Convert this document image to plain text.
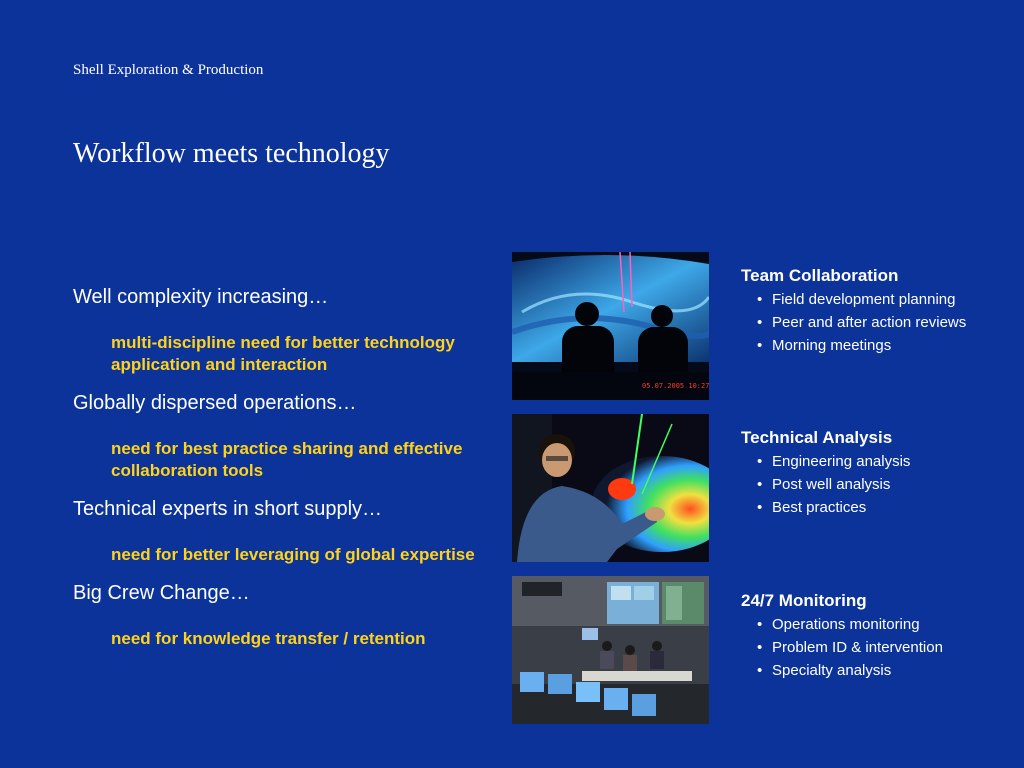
Shell Exploration & Production
Workflow meets technology
Well complexity increasing…
multi-discipline need for better technology application and interaction
Globally dispersed operations…
need for best practice sharing and effective collaboration tools
Technical experts in short supply…
need for better leveraging of global expertise
Big Crew Change…
need for knowledge transfer / retention
05.07.2005 10:27
Team Collaboration
• Field development planning
• Peer and after action reviews
• Morning meetings
Technical Analysis
• Engineering analysis
• Post well analysis
• Best practices
24/7 Monitoring
• Operations monitoring
• Problem ID & intervention
• Specialty analysis
